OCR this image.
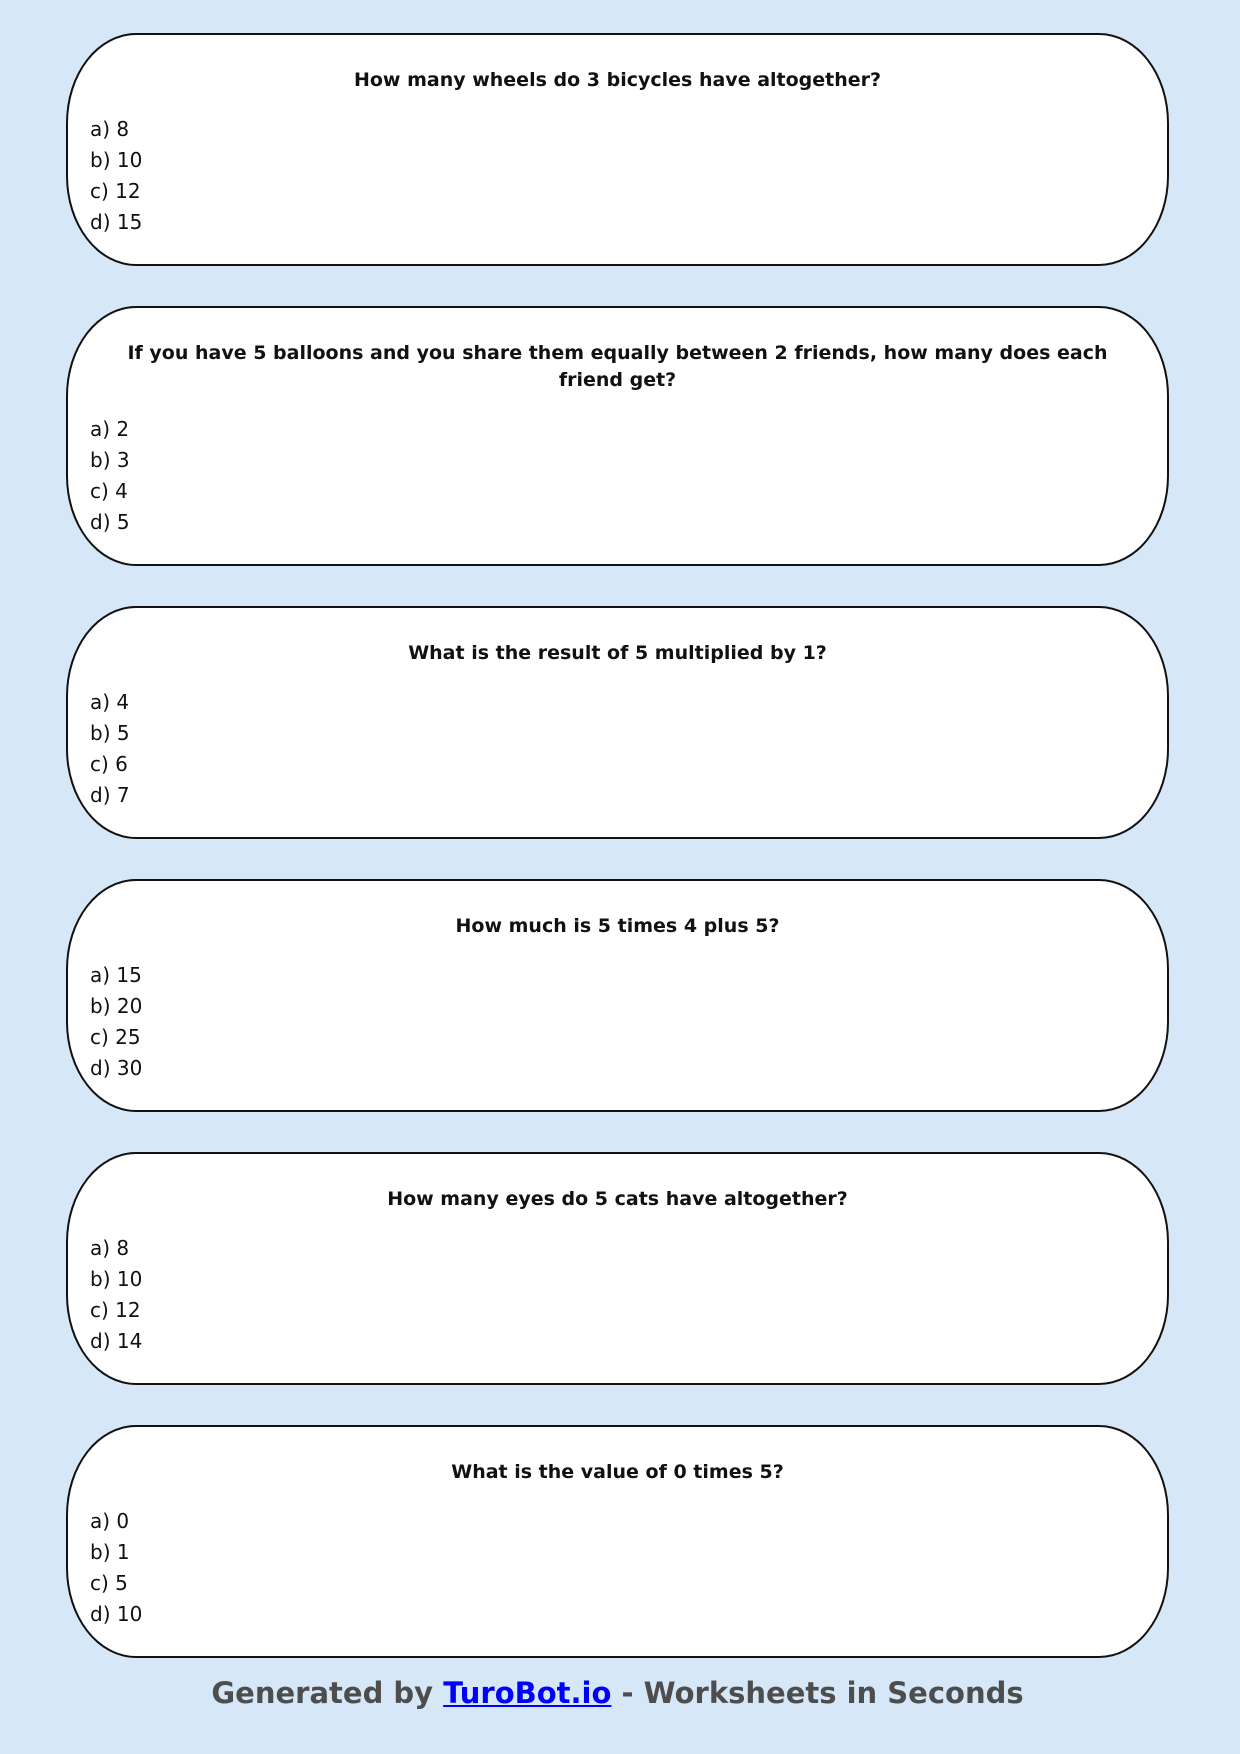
How many wheels do 3 bicycles have altogether?
a) 8
b) 10
c) 12
d) 15
If you have 5 balloons and you share them equally between 2 friends, how many does each friend get?
a) 2
b) 3
c) 4
d) 5
What is the result of 5 multiplied by 1?
a) 4
b) 5
c) 6
d) 7
How much is 5 times 4 plus 5?
a) 15
b) 20
c) 25
d) 30
How many eyes do 5 cats have altogether?
a) 8
b) 10
c) 12
d) 14
What is the value of 0 times 5?
a) 0
b) 1
c) 5
d) 10
Generated by TuroBot.io - Worksheets in Seconds
